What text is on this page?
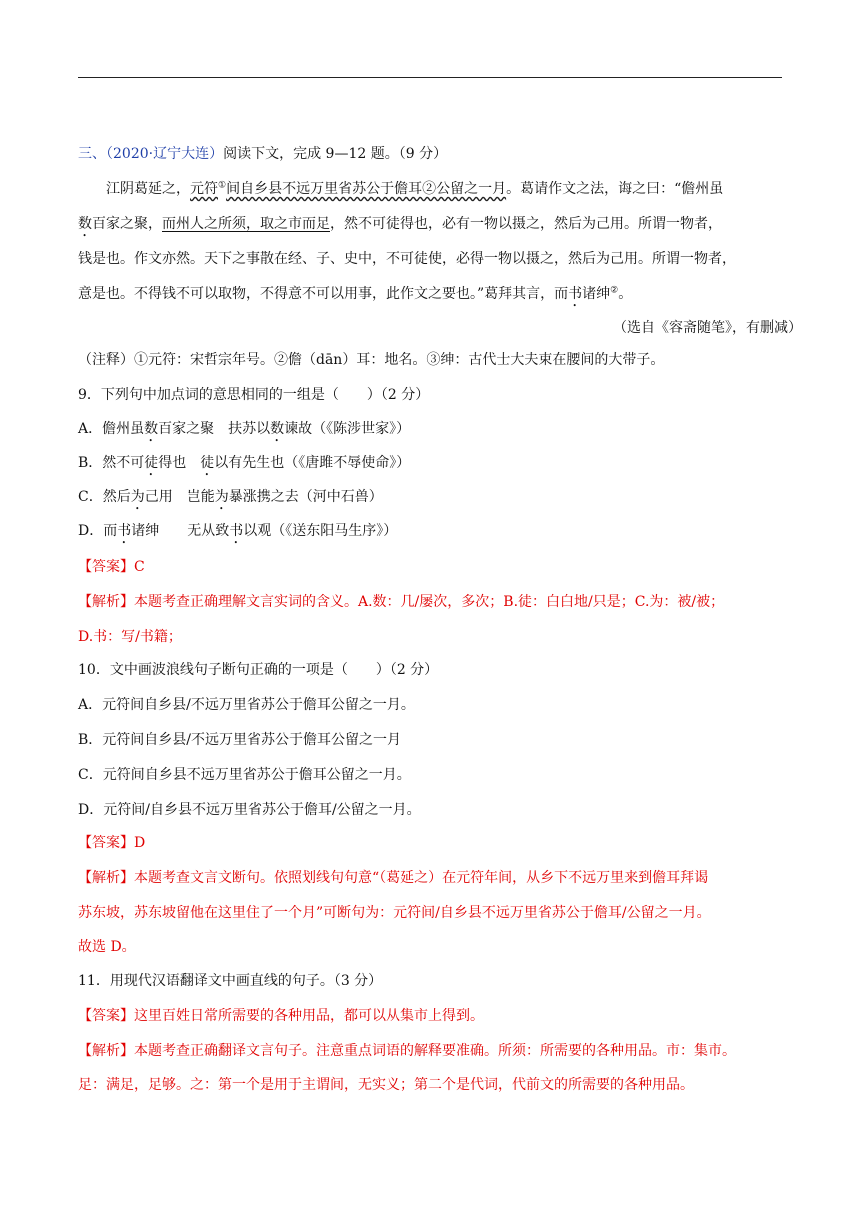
三、（2020·辽宁大连）阅读下文，完成 9—12 题。（9 分）
江阴葛延之，元符①间自乡县不远万里省苏公于儋耳②公留之一月。葛请作文之法，诲之曰：“儋州虽
数百家之聚，而州人之所须，取之市而足，然不可徒得也，必有一物以摄之，然后为己用。所谓一物者，
钱是也。作文亦然。天下之事散在经、子、史中，不可徒使，必得一物以摄之，然后为己用。所谓一物者，
意是也。不得钱不可以取物，不得意不可以用事，此作文之要也。”葛拜其言，而书诸绅②。
（选自《容斋随笔》，有删减）
（注释）①元符：宋哲宗年号。②儋（dān）耳：地名。③绅：古代士大夫束在腰间的大带子。
9．下列句中加点词的意思相同的一组是（　　）（2 分）
A．儋州虽数百家之聚　扶苏以数谏故（《陈涉世家》）
B．然不可徒得也　徒以有先生也（《唐雎不辱使命》）
C．然后为己用　岂能为暴涨携之去（河中石兽）
D．而书诸绅　　无从致书以观（《送东阳马生序》）
【答案】C
【解析】本题考查正确理解文言实词的含义。A.数：几/屡次，多次；B.徒：白白地/只是；C.为：被/被；
D.书：写/书籍；
10．文中画波浪线句子断句正确的一项是（　　）（2 分）
A．元符间自乡县/不远万里省苏公于儋耳公留之一月。
B．元符间自乡县/不远万里省苏公于儋耳公留之一月
C．元符间自乡县不远万里省苏公于儋耳公留之一月。
D．元符间/自乡县不远万里省苏公于儋耳/公留之一月。
【答案】D
【解析】本题考查文言文断句。依照划线句句意“（葛延之）在元符年间，从乡下不远万里来到儋耳拜谒
苏东坡，苏东坡留他在这里住了一个月”可断句为：元符间/自乡县不远万里省苏公于儋耳/公留之一月。
故选 D。
11．用现代汉语翻译文中画直线的句子。（3 分）
【答案】这里百姓日常所需要的各种用品，都可以从集市上得到。
【解析】本题考查正确翻译文言句子。注意重点词语的解释要准确。所须：所需要的各种用品。市：集市。
足：满足，足够。之：第一个是用于主谓间，无实义；第二个是代词，代前文的所需要的各种用品。
